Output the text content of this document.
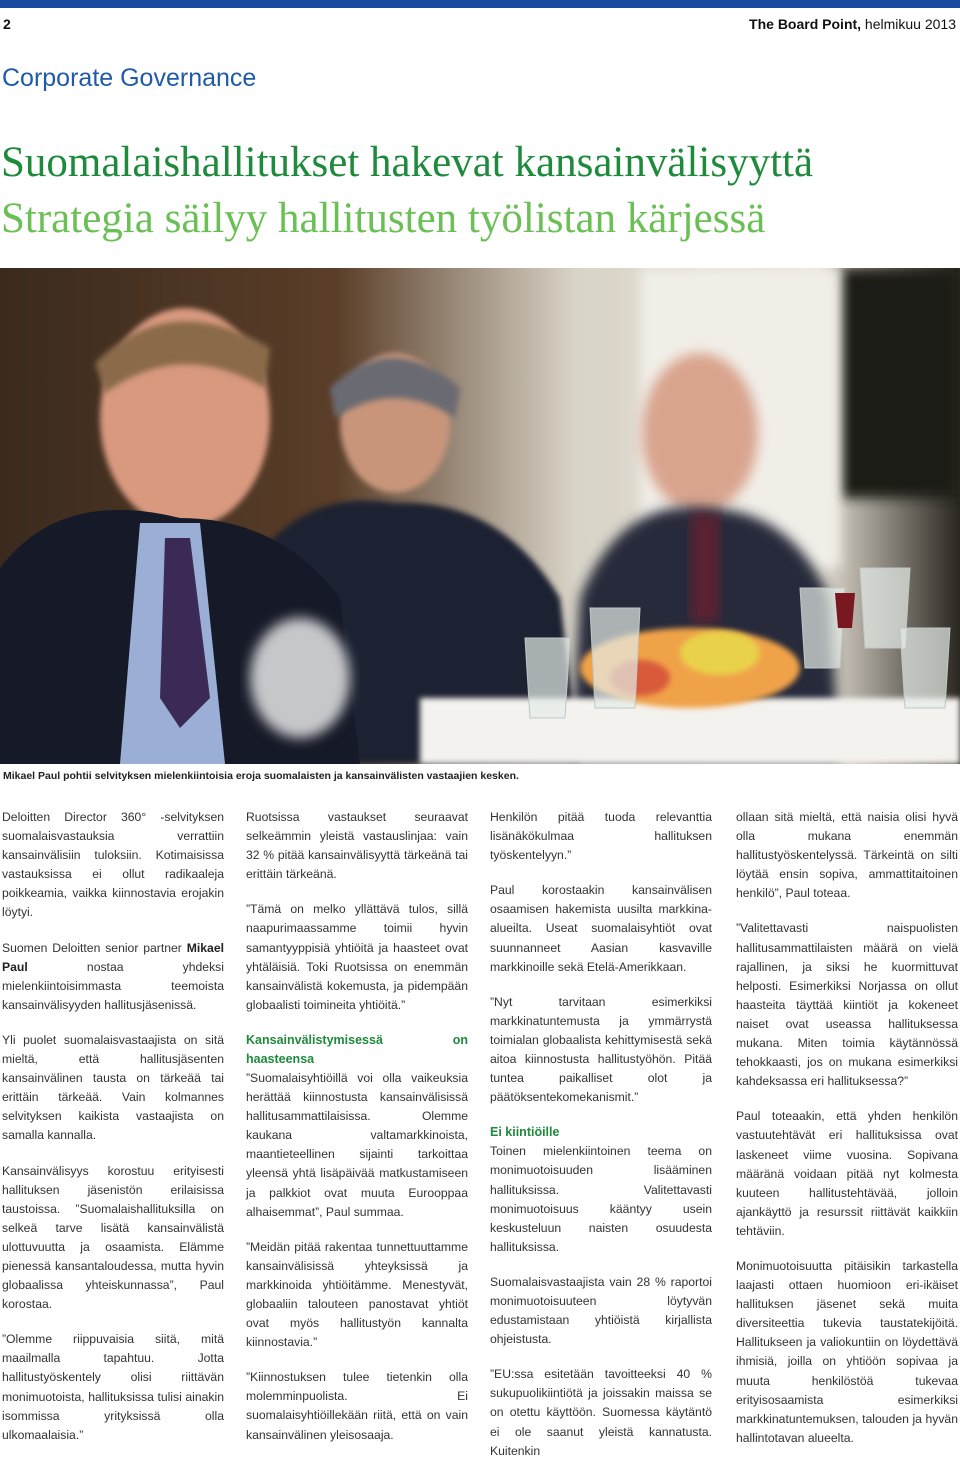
2	The Board Point, helmikuu 2013
Corporate Governance
Suomalaishallitukset hakevat kansainvälisyyttä
Strategia säilyy hallitusten työlistan kärjessä
Mikael Paul pohtii selvityksen mielenkiintoisia eroja suomalaisten ja kansainvälisten vastaajien kesken.

Deloitten Director 360° -selvityksen suomalaisvastauksia verrattiin kansainvälisiin tuloksiin. Kotimaisissa vastauksissa ei ollut radikaaleja poikkeamia, vaikka kiinnostavia erojakin löytyi.

Suomen Deloitten senior partner Mikael Paul nostaa yhdeksi mielenkiintoisimmasta teemoista kansainvälisyyden hallitusjäsenissä.

Yli puolet suomalaisvastaajista on sitä mieltä, että hallitusjäsenten kansainvälinen tausta on tärkeää tai erittäin tärkeää. Vain kolmannes selvityksen kaikista vastaajista on samalla kannalla.

Kansainvälisyys korostuu erityisesti hallituksen jäsenistön erilaisissa taustoissa. ”Suomalaishallituksilla on selkeä tarve lisätä kansainvälistä ulottuvuutta ja osaamista. Elämme pienessä kansantaloudessa, mutta hyvin globaalissa yhteiskunnassa”, Paul korostaa.

”Olemme riippuvaisia siitä, mitä maailmalla tapahtuu. Jotta hallitustyöskentely olisi riittävän monimuotoista, hallituksissa tulisi ainakin isommissa yrityksissä olla ulkomaalaisia.”

Ruotsissa vastaukset seuraavat selkeämmin yleistä vastauslinjaa: vain 32 % pitää kansainvälisyyttä tärkeänä tai erittäin tärkeänä.

”Tämä on melko yllättävä tulos, sillä naapurimaassamme toimii hyvin samantyyppisiä yhtiöitä ja haasteet ovat yhtäläisiä. Toki Ruotsissa on enemmän kansainvälistä kokemusta, ja pidempään globaalisti toimineita yhtiöitä.”

Kansainvälistymisessä on haasteensa

”Suomalaisyhtiöillä voi olla vaikeuksia herättää kiinnostusta kansainvälisissä hallitusammattilaisissa. Olemme kaukana valtamarkkinoista, maantieteellinen sijainti tarkoittaa yleensä yhtä lisäpäivää matkustamiseen ja palkkiot ovat muuta Eurooppaa alhaisemmat”, Paul summaa.

”Meidän pitää rakentaa tunnettuuttamme kansainvälisissä yhteyksissä ja markkinoida yhtiöitämme. Menestyvät, globaaliin talouteen panostavat yhtiöt ovat myös hallitustyön kannalta kiinnostavia.”

”Kiinnostuksen tulee tietenkin olla molemminpuolista. Ei suomalaisyhtiöillekään riitä, että on vain kansainvälinen yleisosaaja.

Henkilön pitää tuoda relevanttia lisänäkökulmaa hallituksen työskentelyyn.”

Paul korostaakin kansainvälisen osaamisen hakemista uusilta markkina-alueilta. Useat suomalaisyhtiöt ovat suunnanneet Aasian kasvaville markkinoille sekä Etelä-Amerikkaan.

”Nyt tarvitaan esimerkiksi markkinatuntemusta ja ymmärrystä toimialan globaalista kehittymisestä sekä aitoa kiinnostusta hallitustyöhön. Pitää tuntea paikalliset olot ja päätöksentekomekanismit.”

Ei kiintiöille

Toinen mielenkiintoinen teema on monimuotoisuuden lisääminen hallituksissa. Valitettavasti monimuotoisuus kääntyy usein keskusteluun naisten osuudesta hallituksissa.

Suomalaisvastaajista vain 28 % raportoi monimuotoisuuteen löytyvän edustamistaan yhtiöistä kirjallista ohjeistusta.

”EU:ssa esitetään tavoitteeksi 40 % sukupuolikiintiötä ja joissakin maissa se on otettu käyttöön. Suomessa käytäntö ei ole saanut yleistä kannatusta. Kuitenkin

ollaan sitä mieltä, että naisia olisi hyvä olla mukana enemmän hallitustyöskentelyssä. Tärkeintä on silti löytää ensin sopiva, ammattitaitoinen henkilö”, Paul toteaa.

”Valitettavasti naispuolisten hallitusammattilaisten määrä on vielä rajallinen, ja siksi he kuormittuvat helposti. Esimerkiksi Norjassa on ollut haasteita täyttää kiintiöt ja kokeneet naiset ovat useassa hallituksessa mukana. Miten toimia käytännössä tehokkaasti, jos on mukana esimerkiksi kahdeksassa eri hallituksessa?”

Paul toteaakin, että yhden henkilön vastuutehtävät eri hallituksissa ovat laskeneet viime vuosina. Sopivana määränä voidaan pitää nyt kolmesta kuuteen hallitustehtävää, jolloin ajankäyttö ja resurssit riittävät kaikkiin tehtäviin.

Monimuotoisuutta pitäisikin tarkastella laajasti ottaen huomioon eri-ikäiset hallituksen jäsenet sekä muita diversiteettia tukevia taustatekijöitä. Hallitukseen ja valiokuntiin on löydettävä ihmisiä, joilla on yhtiöön sopivaa ja muuta henkilöstöä tukevaa erityisosaamista esimerkiksi markkinatuntemuksen, talouden ja hyvän hallintotavan alueelta.
